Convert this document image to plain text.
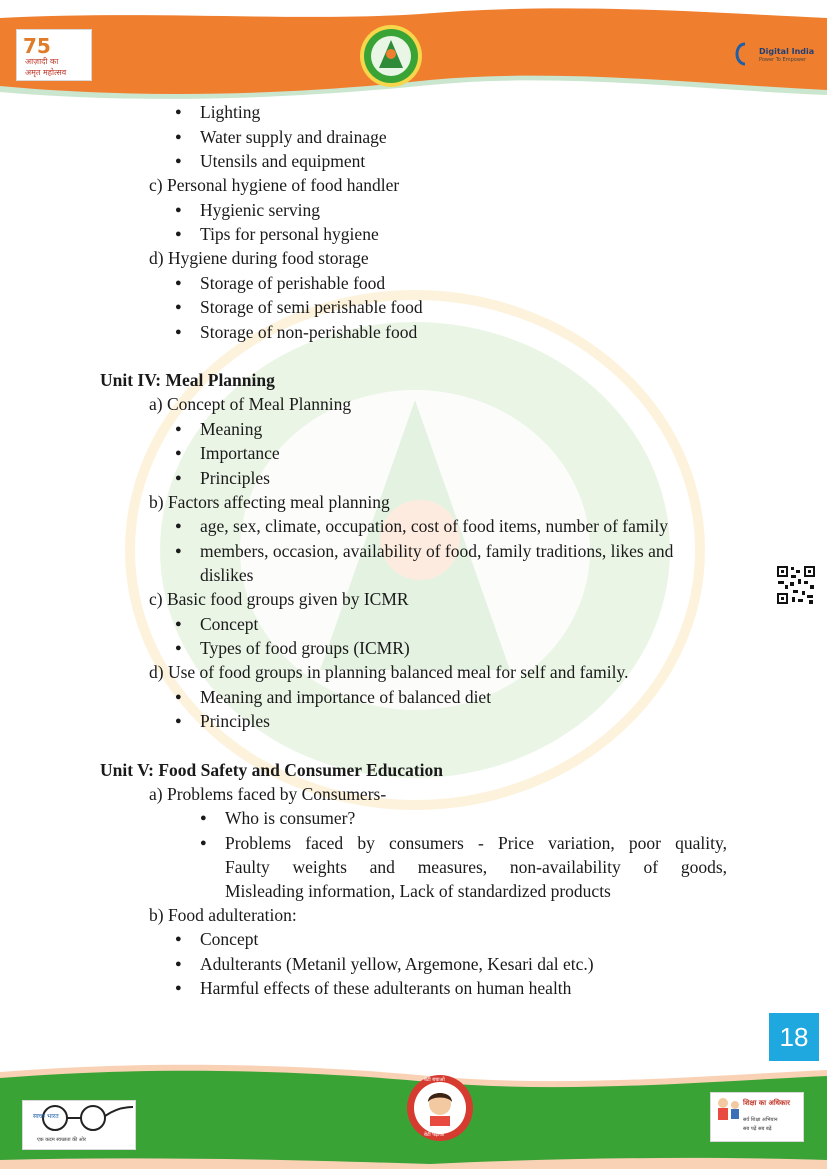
75
आज़ादी का
अमृत महोत्सव
Digital India
Power To Empower
● Lighting
● Water supply and drainage
● Utensils and equipment
c) Personal hygiene of food handler
● Hygienic serving
● Tips for personal hygiene
d) Hygiene during food storage
● Storage of perishable food
● Storage of semi perishable food
● Storage of non-perishable food
Unit IV: Meal Planning
a) Concept of Meal Planning
● Meaning
● Importance
● Principles
b) Factors affecting meal planning
● age, sex, climate, occupation, cost of food items, number of family
● members, occasion, availability of food, family traditions, likes and
dislikes
c) Basic food groups given by ICMR
● Concept
● Types of food groups (ICMR)
d) Use of food groups in planning balanced meal for self and family.
● Meaning and importance of balanced diet
● Principles
Unit V: Food Safety and Consumer Education
a) Problems faced by Consumers-
● Who is consumer?
● Problems faced by consumers - Price variation, poor quality,
Faulty weights and measures, non-availability of goods,
Misleading information, Lack of standardized products
b) Food adulteration:
● Concept
● Adulterants (Metanil yellow, Argemone, Kesari dal etc.)
● Harmful effects of these adulterants on human health
18
स्वच्छ भारत
एक कदम स्वच्छता की ओर
बेटी बचाओ
बेटी पढ़ाओ
शिक्षा का अधिकार
सर्व शिक्षा अभियान
सब पढ़ें सब बढ़ें
